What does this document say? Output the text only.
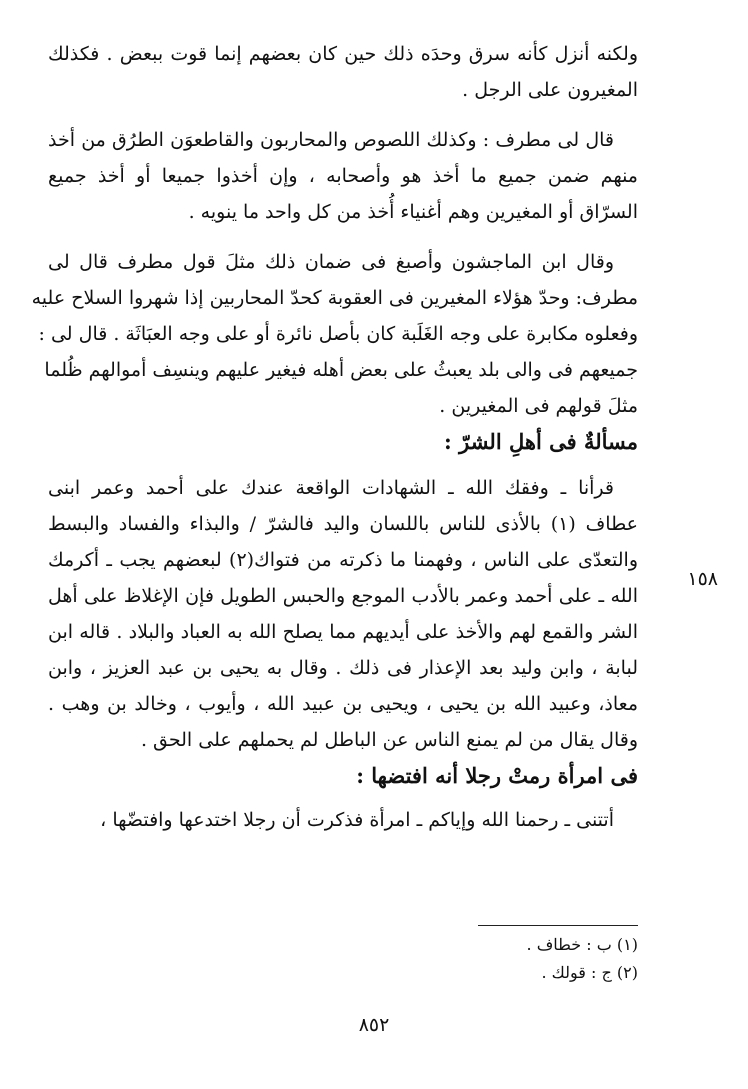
ولكنه أنزل كأنه سرق وحدَه ذلك حين كان بعضهم إنما قوت ببعض . فكذلك
المغيرون على الرجل .
قال لى مطرف : وكذلك اللصوص والمحاربون والقاطعوَن الطرُق من أخذ
منهم ضمن جميع ما أخذ هو وأصحابه ، وإن أخذوا جميعا أو أخذ جميع
السرّاق أو المغيرين وهم أغنياء أُخذ من كل واحد ما ينويه .
وقال ابن الماجشون وأصبغ فى ضمان ذلك مثلَ قول مطرف قال لى
مطرف: وحدّ هؤلاء المغيرين فى العقوبة كحدّ المحاربين إذا شهروا السلاح عليه
وفعلوه مكابرة على وجه الغَلَبة كان بأصل نائرة أو على وجه العبَاثَة . قال لى :
جميعهم فى والى بلد يعبثُ على بعض أهله فيغير عليهم وينسِف أموالهم ظُلما
مثلَ قولهم فى المغيرين .
مسألةٌ فى أهلِ الشرّ :
قرأنا ـ وفقك الله ـ الشهادات الواقعة عندك على أحمد وعمر ابنى
عطاف (١) بالأذى للناس باللسان واليد فالشرّ / والبذاء والفساد والبسط
والتعدّى على الناس ، وفهمنا ما ذكرته من فتواك(٢) لبعضهم يجب ـ أكرمك
الله ـ على أحمد وعمر بالأدب الموجع والحبس الطويل فإن الإغلاظ على أهل
الشر والقمع لهم والأخذ على أيديهم مما يصلح الله به العباد والبلاد . قاله ابن
لبابة ، وابن وليد بعد الإعذار فى ذلك . وقال به يحيى بن عبد العزيز ، وابن
معاذ، وعبيد الله بن يحيى ، ويحيى بن عبيد الله ، وأيوب ، وخالد بن وهب .
وقال يقال من لم يمنع الناس عن الباطل لم يحملهم على الحق .
فى امرأة رمتْ رجلا أنه افتضها :
أتتنى ـ رحمنا الله وإياكم ـ امرأة فذكرت أن رجلا اختدعها وافتضّها ،
١٥٨
(١) ب : خطاف .
(٢) ج : قولك .
٨٥٢
